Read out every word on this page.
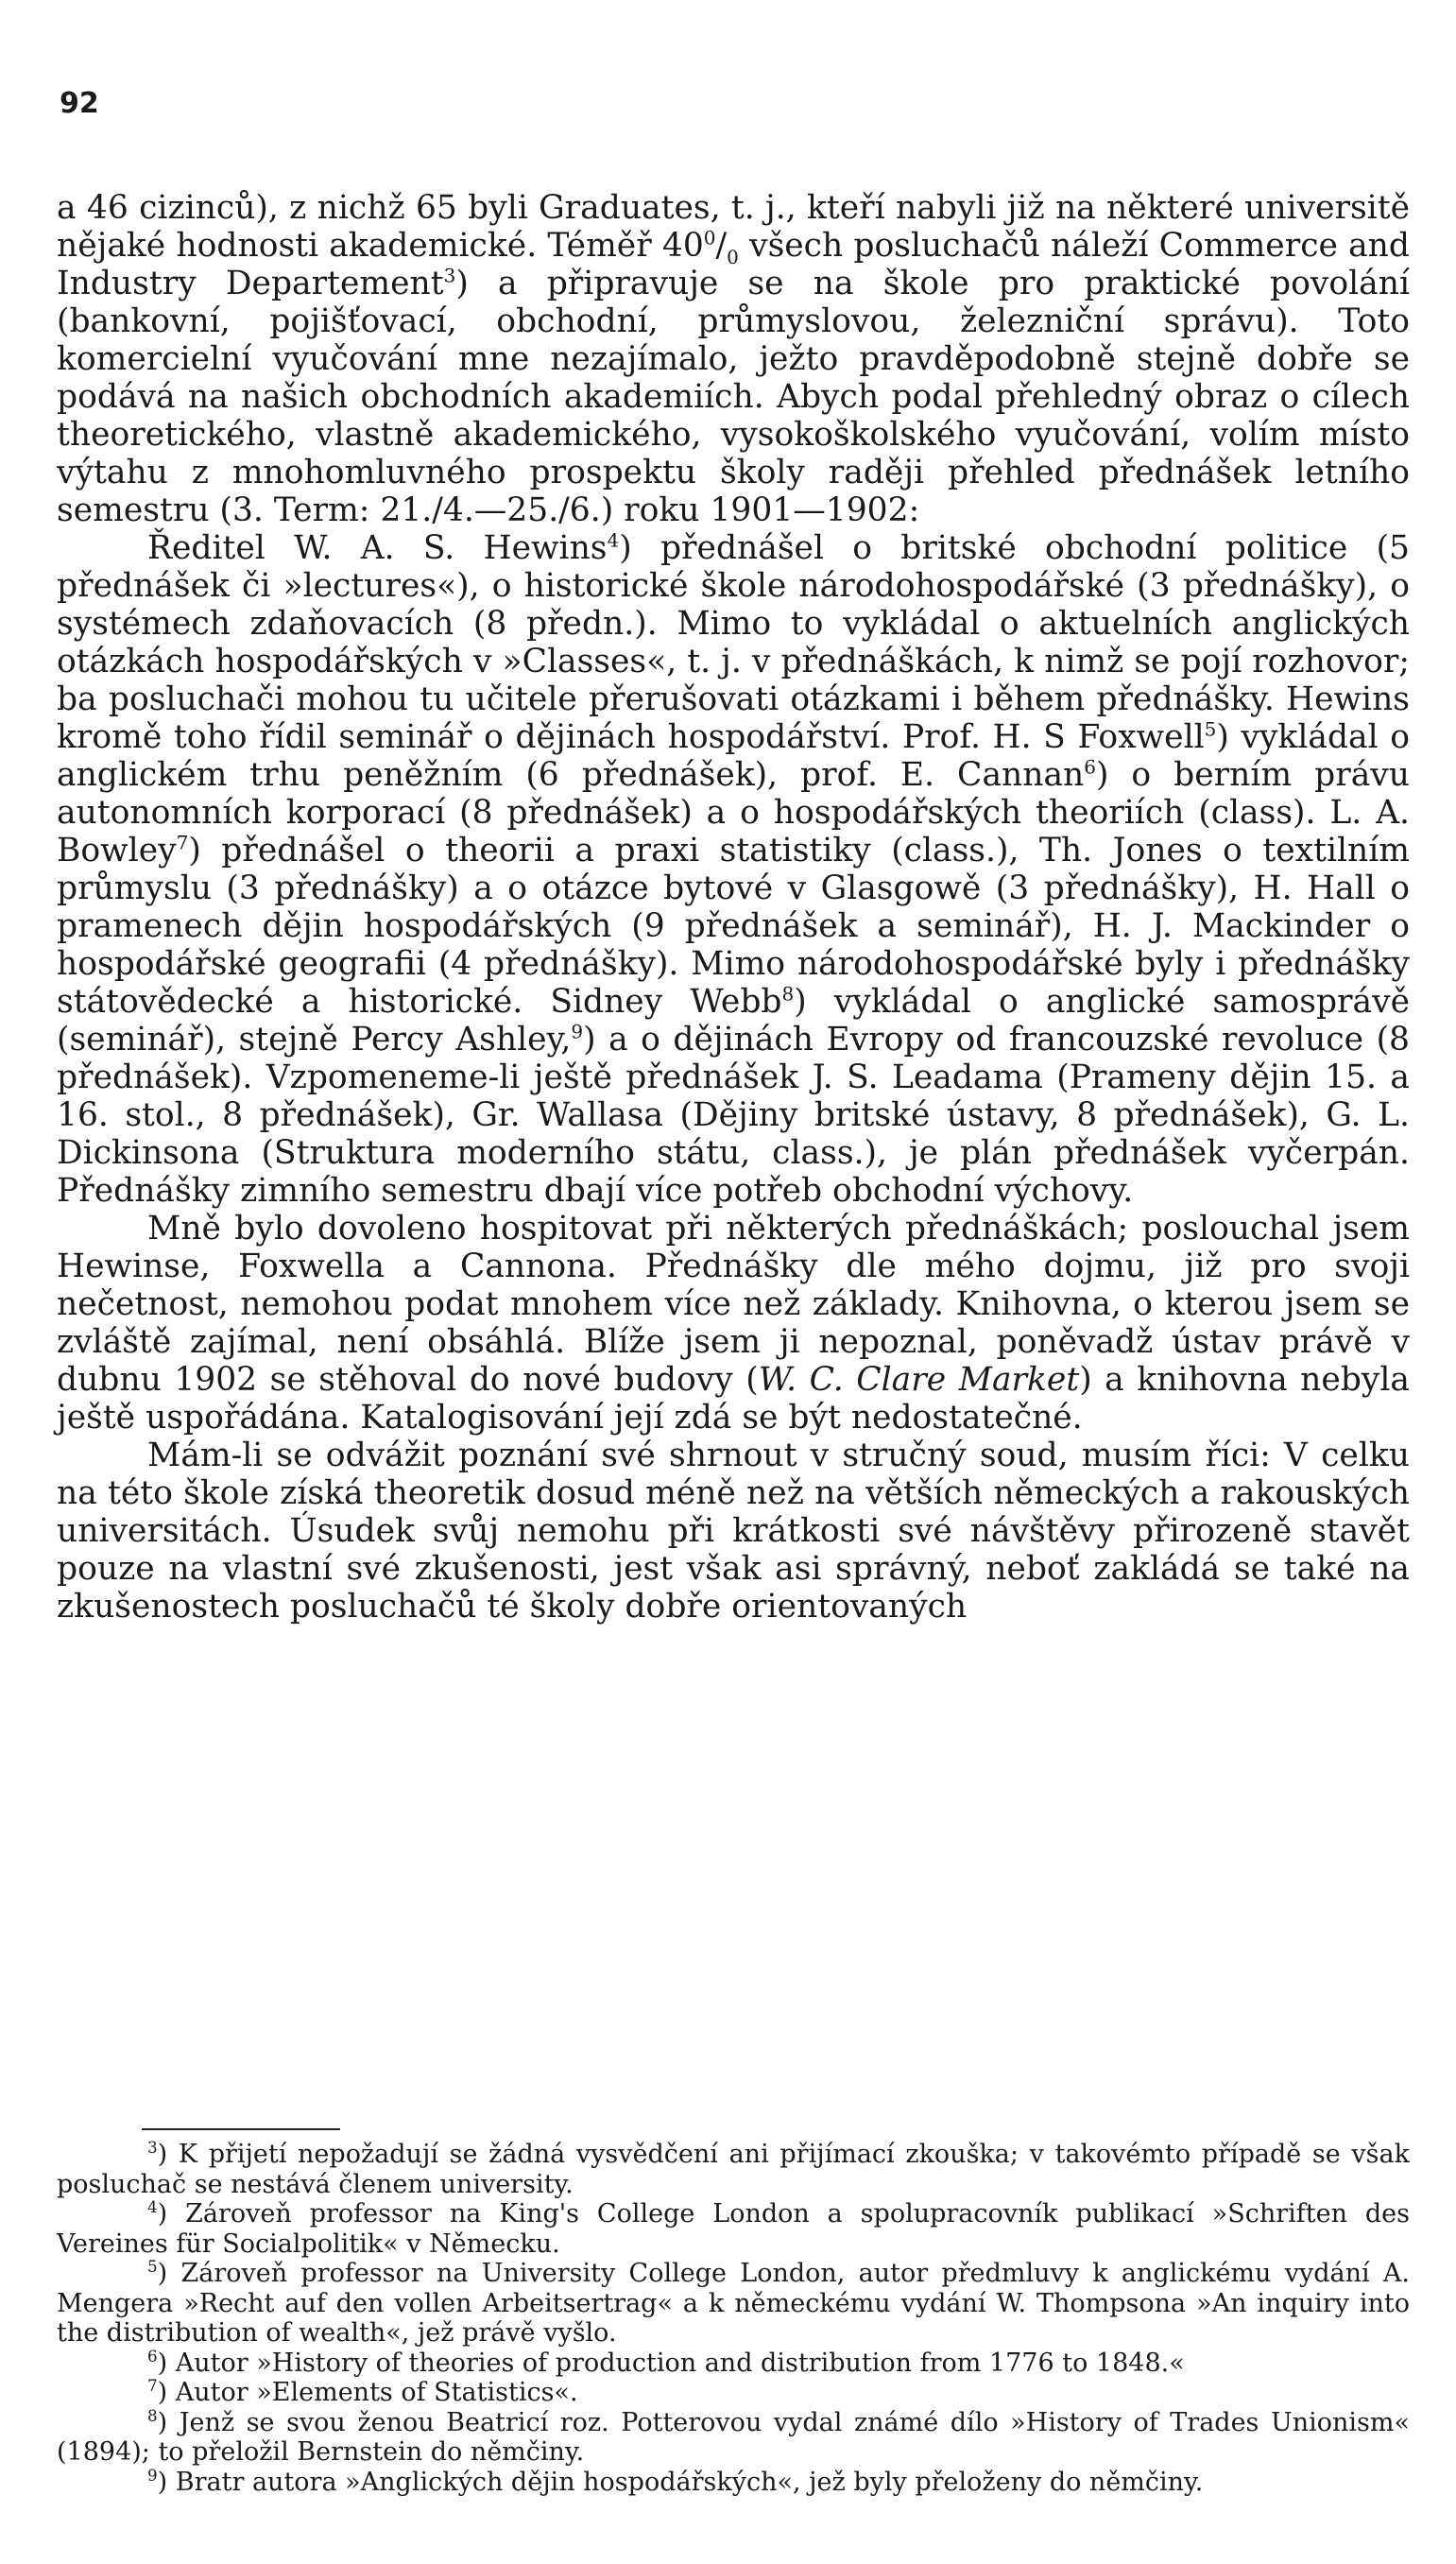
92

a 46 cizinců), z nichž 65 byli Graduates, t. j., kteří nabyli již na některé universitě nějaké hodnosti akademické. Téměř $40^0/_0$ všech posluchačů náleží Commerce and Industry Departement$^3$) a připravuje se na škole pro praktické povolání (bankovní, pojišťovací, obchodní, průmyslovou, železniční správu). Toto komercielní vyučování mne nezajímalo, ježto pravděpodobně stejně dobře se podává na našich obchodních akademiích. Abych podal přehledný obraz o cílech theoretického, vlastně akademického, vysokoškolského vyučování, volím místo výtahu z mnohomluvného prospektu školy raději přehled přednášek letního semestru (3. Term: 21./4.—25./6.) roku 1901—1902:

Ředitel W. A. S. Hewins$^4$) přednášel o britské obchodní politice (5 přednášek či »lectures«), o historické škole národohospodářské (3 přednášky), o systémech zdaňovacích (8 předn.). Mimo to vykládal o aktuelních anglických otázkách hospodářských v »Classes«, t. j. v přednáškách, k nimž se pojí rozhovor; ba posluchači mohou tu učitele přerušovati otázkami i během přednášky. Hewins kromě toho řídil seminář o dějinách hospodářství. Prof. H. S Foxwell$^5$) vykládal o anglickém trhu peněžním (6 přednášek), prof. E. Cannan$^6$) o berním právu autonomních korporací (8 přednášek) a o hospodářských theoriích (class). L. A. Bowley$^7$) přednášel o theorii a praxi statistiky (class.), Th. Jones o textilním průmyslu (3 přednášky) a o otázce bytové v Glasgowě (3 přednášky), H. Hall o pramenech dějin hospodářských (9 přednášek a seminář), H. J. Mackinder o hospodářské geografii (4 přednášky). Mimo národohospodářské byly i přednášky státovědecké a historické. Sidney Webb$^8$) vykládal o anglické samosprávě (seminář), stejně Percy Ashley,$^9$) a o dějinách Evropy od francouzské revoluce (8 přednášek). Vzpomeneme-li ještě přednášek J. S. Leadama (Prameny dějin 15. a 16. stol., 8 přednášek), Gr. Wallasa (Dějiny britské ústavy, 8 přednášek), G. L. Dickinsona (Struktura moderního státu, class.), je plán přednášek vyčerpán. Přednášky zimního semestru dbají více potřeb obchodní výchovy.

Mně bylo dovoleno hospitovat při některých přednáškách; poslouchal jsem Hewinse, Foxwella a Cannona. Přednášky dle mého dojmu, již pro svoji nečetnost, nemohou podat mnohem více než základy. Knihovna, o kterou jsem se zvláště zajímal, není obsáhlá. Blíže jsem ji nepoznal, poněvadž ústav právě v dubnu 1902 se stěhoval do nové budovy (W. C. Clare Market) a knihovna nebyla ještě uspořádána. Katalogisování její zdá se být nedostatečné.

Mám-li se odvážit poznání své shrnout v stručný soud, musím říci: V celku na této škole získá theoretik dosud méně než na větších německých a rakouských universitách. Úsudek svůj nemohu při krátkosti své návštěvy přirozeně stavět pouze na vlastní své zkušenosti, jest však asi správný, neboť zakládá se také na zkušenostech posluchačů té školy dobře orientovaných

$^3$) K přijetí nepožadují se žádná vysvědčení ani přijímací zkouška; v takovémto případě se však posluchač se nestává členem university.

$^4$) Zároveň professor na King's College London a spolupracovník publikací »Schriften des Vereines für Socialpolitik« v Německu.

$^5$) Zároveň professor na University College London, autor předmluvy k anglickému vydání A. Mengera »Recht auf den vollen Arbeitsertrag« a k německému vydání W. Thompsona »An inquiry into the distribution of wealth«, jež právě vyšlo.

$^6$) Autor »History of theories of production and distribution from 1776 to 1848.«

$^7$) Autor »Elements of Statistics«.

$^8$) Jenž se svou ženou Beatricí roz. Potterovou vydal známé dílo »History of Trades Unionism« (1894); to přeložil Bernstein do němčiny.

$^9$) Bratr autora »Anglických dějin hospodářských«, jež byly přeloženy do němčiny.
